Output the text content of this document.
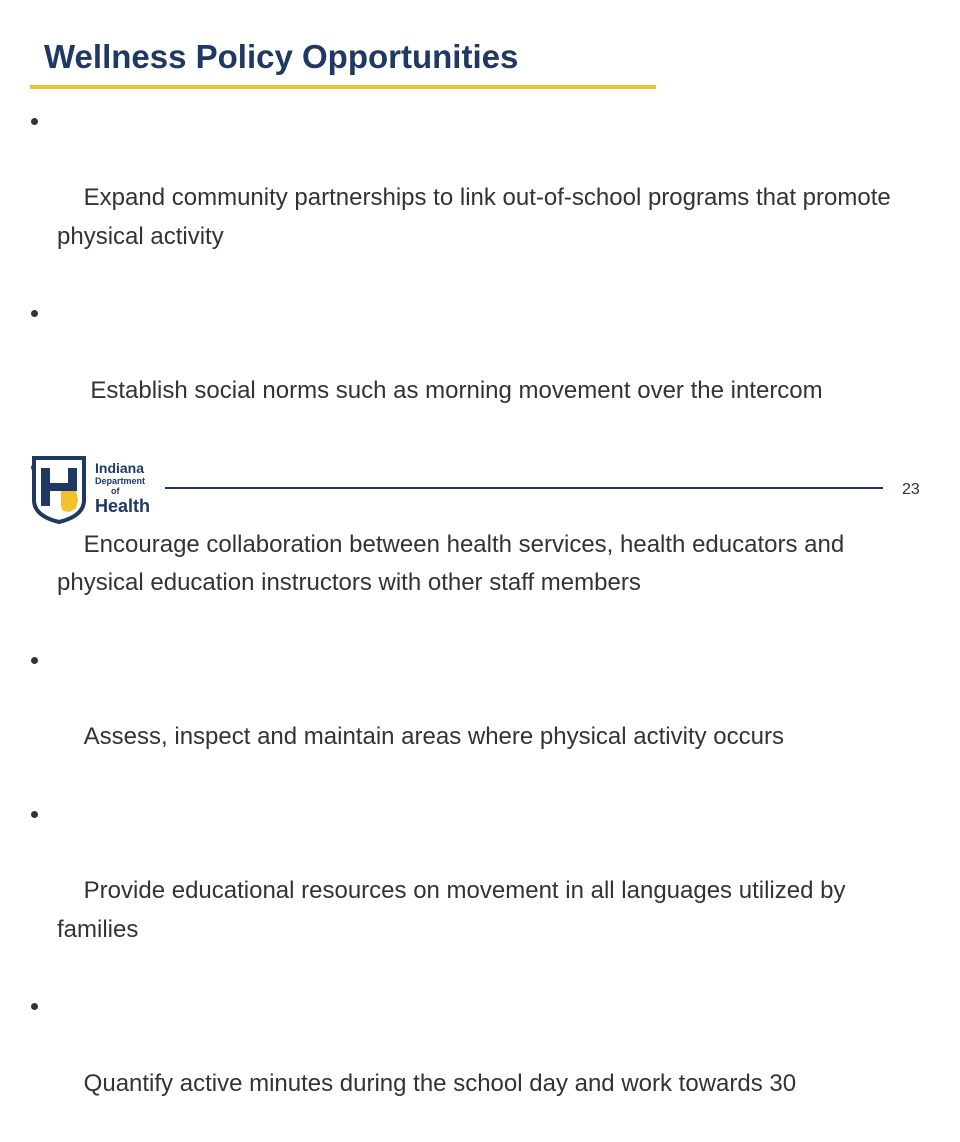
Wellness Policy Opportunities

Expand community partnerships to link out-of-school programs that promote physical activity

Establish social norms such as morning movement over the intercom

Encourage collaboration between health services, health educators and physical education instructors with other staff members

Assess, inspect and maintain areas where physical activity occurs

Provide educational resources on movement in all languages utilized by families

Quantify active minutes during the school day and work towards 30

Indiana
Department
of
Health
23
